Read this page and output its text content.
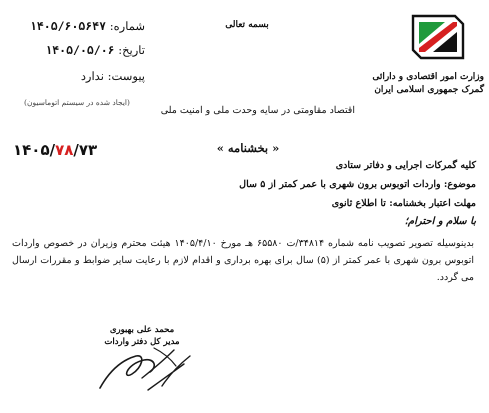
شماره: ۱۴۰۵/۶۰۵۶۴۷
تاریخ: ۱۴۰۵/۰۵/۰۶
پیوست: ندارد
(ایجاد شده در سیستم اتوماسیون)
بسمه تعالی
وزارت امور اقتصادی و دارائی
گمرک جمهوری اسلامی ایران
اقتصاد مقاومتی در سایه وحدت ملی و امنیت ملی
۱۴۰۵/۷۸/۷۳	« بخشنامه »
کلیه گمرکات اجرایی و دفاتر ستادی
موضوع: واردات اتوبوس برون شهری با عمر کمتر از ۵ سال
مهلت اعتبار بخشنامه: تا اطلاع ثانوی
با سلام و احترام؛
بدینوسیله تصویر تصویب نامه شماره ۳۴۸۱۴/ت ۶۵۵۸۰ هـ مورخ ۱۴۰۵/۴/۱۰ هیئت محترم وزیران در خصوص واردات اتوبوس برون شهری با عمر کمتر از (۵) سال برای بهره برداری و اقدام لازم با رعایت سایر ضوابط و مقررات ارسال می گردد.
محمد علی بهبوری
مدیر کل دفتر واردات
